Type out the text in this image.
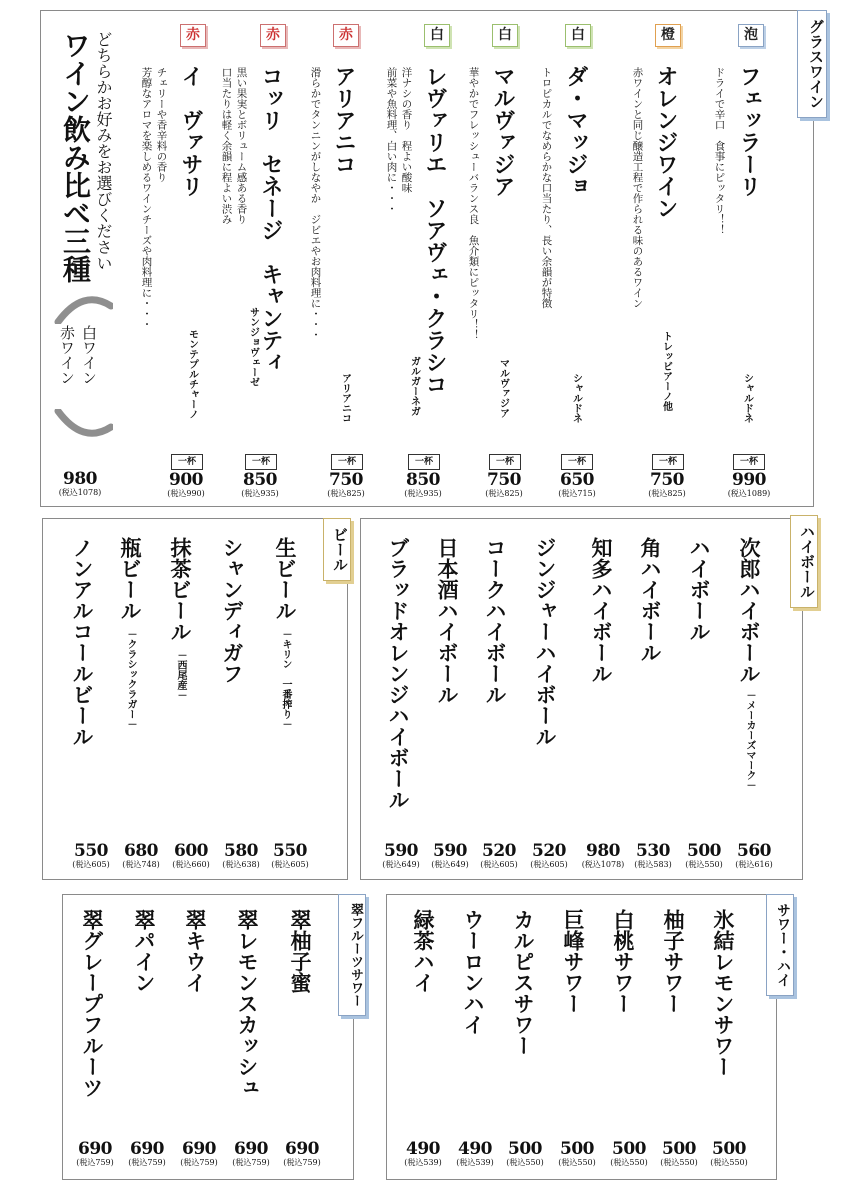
泡
フェッラーリ
ドライで辛口　食事にピッタリ！！
シャルドネ
一杯
990
(税込1089)
橙
オレンジワイン
赤ワインと同じ醸造工程で作られる味のあるワイン
トレッビアーノ他
一杯
750
(税込825)
白
ダ・マッジョ
トロピカルでなめらかな口当たり、長い余韻が特徴
シャルドネ
一杯
650
(税込715)
白
マルヴァジア
華やかでフレッシューバランス良　魚介類にピッタリ！！
マルヴァジア
一杯
750
(税込825)
白
レヴァリエ　ソアヴェ・クラシコ
洋ナシの香り　程よい酸味
前菜や魚料理、白い肉に・・・
ガルガーネガ
一杯
850
(税込935)
赤
アリアニコ
滑らかでタンニンがしなやか　ジビエやお肉料理に・・・
アリアニコ
一杯
750
(税込825)
赤
コッリ　セネージ　キャンティ
黒い果実とボリューム感ある香り
口当たりは軽く余韻に程よい渋み
サンジョヴェーゼ
一杯
850
(税込935)
赤
イ　ヴァサリ
チェリーや香辛料の香り
芳醇なアロマを楽しめるワインチーズや肉料理に・・・
モンテプルチャーノ
一杯
900
(税込990)
どちらかお好みをお選びください
ワイン飲み比べ三種
白ワイン
赤ワイン
980
(税込1078)
グラスワイン
生ビール－キリン　一番搾り－
シャンディガフ
抹茶ビール－西尾産－
瓶ビール－クラシックラガー－
ノンアルコールビール
550
(税込605)
580
(税込638)
600
(税込660)
680
(税込748)
550
(税込605)
ビール	次郎ハイボール－メーカーズマーク－
ハイボール
角ハイボール
知多ハイボール
ジンジャーハイボール
コークハイボール
日本酒ハイボール
ブラッドオレンジハイボール
560
(税込616)
500
(税込550)
530
(税込583)
980
(税込1078)
520
(税込605)
520
(税込605)
590
(税込649)
590
(税込649)
ハイボール
翠柚子蜜
翠レモンスカッシュ
翠キウイ
翠パイン
翠グレープフルーツ
690
(税込759)
690
(税込759)
690
(税込759)
690
(税込759)
690
(税込759)
翠フルーツサワー	氷結レモンサワー
柚子サワー
白桃サワー
巨峰サワー
カルピスサワー
ウーロンハイ
緑茶ハイ
500
(税込550)
500
(税込550)
500
(税込550)
500
(税込550)
500
(税込550)
490
(税込539)
490
(税込539)
サワー・ハイ
